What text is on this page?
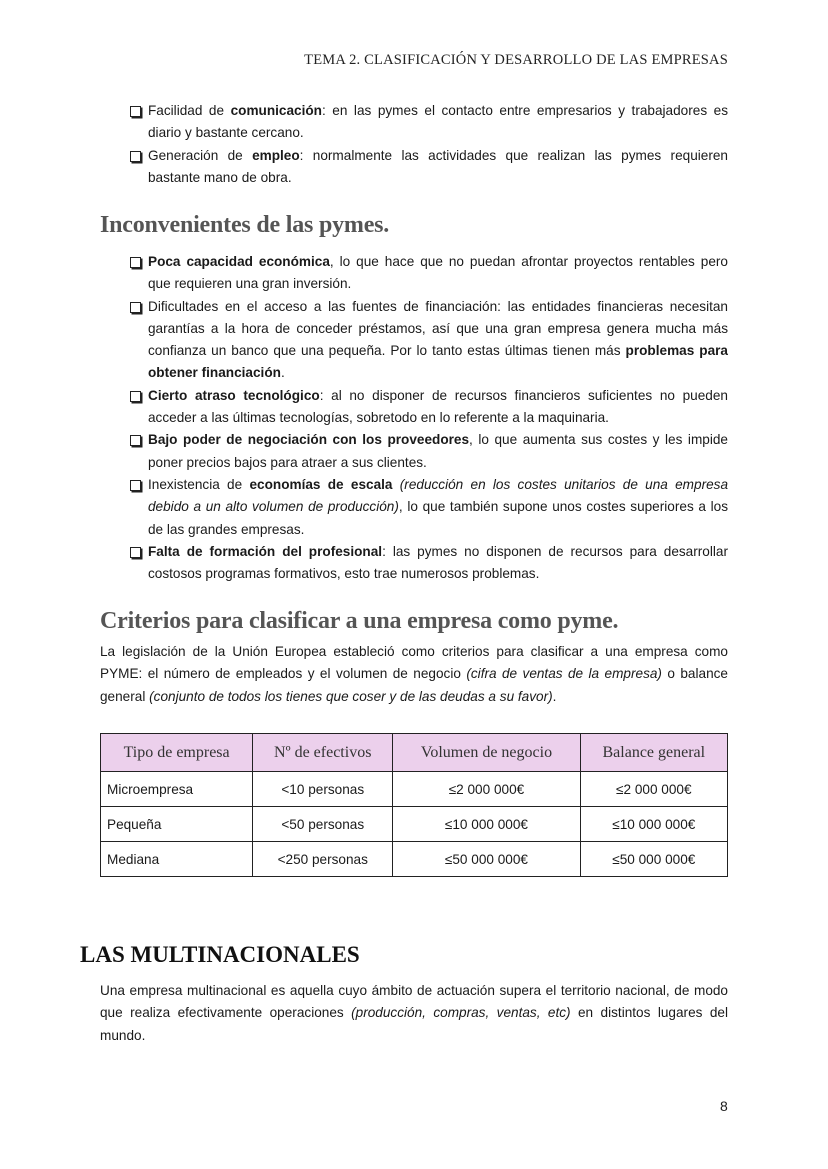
TEMA 2. CLASIFICACIÓN Y DESARROLLO DE LAS EMPRESAS
Facilidad de comunicación: en las pymes el contacto entre empresarios y trabajadores es diario y bastante cercano.
Generación de empleo: normalmente las actividades que realizan las pymes requieren bastante mano de obra.
Inconvenientes de las pymes.
Poca capacidad económica, lo que hace que no puedan afrontar proyectos rentables pero que requieren una gran inversión.
Dificultades en el acceso a las fuentes de financiación: las entidades financieras necesitan garantías a la hora de conceder préstamos, así que una gran empresa genera mucha más confianza un banco que una pequeña. Por lo tanto estas últimas tienen más problemas para obtener financiación.
Cierto atraso tecnológico: al no disponer de recursos financieros suficientes no pueden acceder a las últimas tecnologías, sobretodo en lo referente a la maquinaria.
Bajo poder de negociación con los proveedores, lo que aumenta sus costes y les impide poner precios bajos para atraer a sus clientes.
Inexistencia de economías de escala (reducción en los costes unitarios de una empresa debido a un alto volumen de producción), lo que también supone unos costes superiores a los de las grandes empresas.
Falta de formación del profesional: las pymes no disponen de recursos para desarrollar costosos programas formativos, esto trae numerosos problemas.
Criterios para clasificar a una empresa como pyme.

La legislación de la Unión Europea estableció como criterios para clasificar a una empresa como PYME: el número de empleados y el volumen de negocio (cifra de ventas de la empresa) o balance general (conjunto de todos los tienes que coser y de las deudas a su favor).

Tipo de empresa	Nº de efectivos	Volumen de negocio	Balance general
Microempresa	<10 personas	≤2 000 000€	≤2 000 000€
Pequeña	<50 personas	≤10 000 000€	≤10 000 000€
Mediana	<250 personas	≤50 000 000€	≤50 000 000€
LAS MULTINACIONALES

Una empresa multinacional es aquella cuyo ámbito de actuación supera el territorio nacional, de modo que realiza efectivamente operaciones (producción, compras, ventas, etc) en distintos lugares del mundo.

8
